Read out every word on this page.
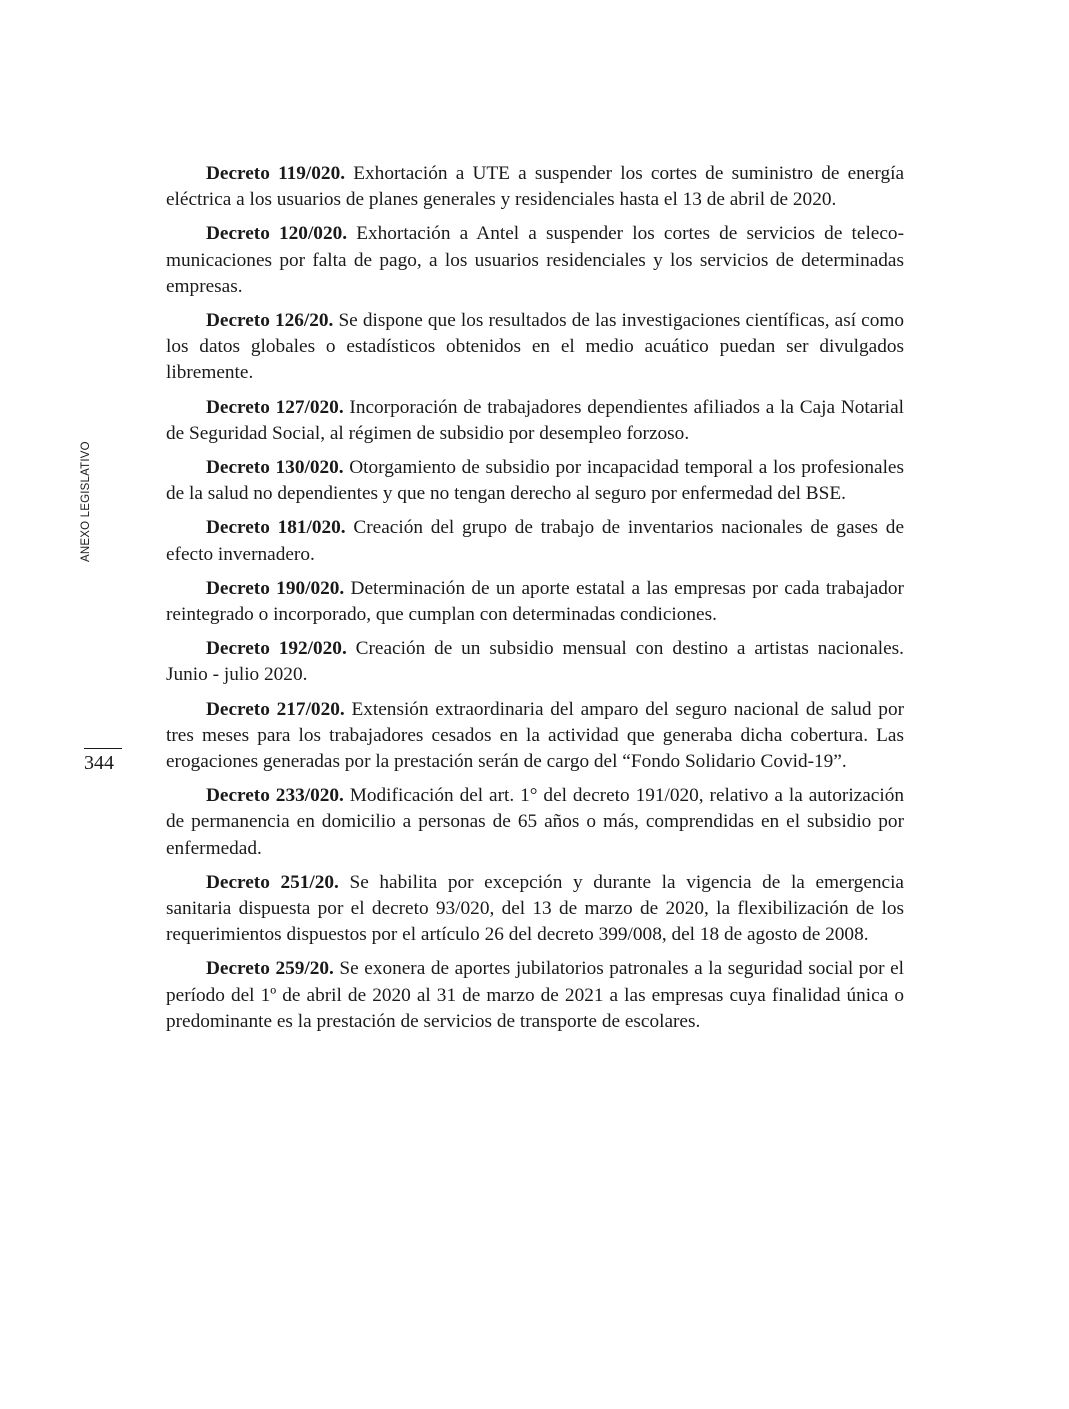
ANEXO LEGISLATIVO
344

Decreto 119/020. Exhortación a UTE a suspender los cortes de suministro de energía eléctrica a los usuarios de planes generales y residenciales hasta el 13 de abril de 2020.

Decreto 120/020. Exhortación a Antel a suspender los cortes de servicios de telecomunicaciones por falta de pago, a los usuarios residenciales y los servicios de determinadas empresas.

Decreto 126/20. Se dispone que los resultados de las investigaciones científicas, así como los datos globales o estadísticos obtenidos en el medio acuático puedan ser divulgados libremente.

Decreto 127/020. Incorporación de trabajadores dependientes afiliados a la Caja Notarial de Seguridad Social, al régimen de subsidio por desempleo forzoso.

Decreto 130/020. Otorgamiento de subsidio por incapacidad temporal a los profesionales de la salud no dependientes y que no tengan derecho al seguro por enfermedad del BSE.

Decreto 181/020. Creación del grupo de trabajo de inventarios nacionales de gases de efecto invernadero.

Decreto 190/020. Determinación de un aporte estatal a las empresas por cada trabajador reintegrado o incorporado, que cumplan con determinadas condiciones.

Decreto 192/020. Creación de un subsidio mensual con destino a artistas nacionales. Junio - julio 2020.

Decreto 217/020. Extensión extraordinaria del amparo del seguro nacional de salud por tres meses para los trabajadores cesados en la actividad que generaba dicha cobertura. Las erogaciones generadas por la prestación serán de cargo del “Fondo Solidario Covid-19”.

Decreto 233/020. Modificación del art. 1° del decreto 191/020, relativo a la autorización de permanencia en domicilio a personas de 65 años o más, comprendidas en el subsidio por enfermedad.

Decreto 251/20. Se habilita por excepción y durante la vigencia de la emergencia sanitaria dispuesta por el decreto 93/020, del 13 de marzo de 2020, la flexibilización de los requerimientos dispuestos por el artículo 26 del decreto 399/008, del 18 de agosto de 2008.

Decreto 259/20. Se exonera de aportes jubilatorios patronales a la seguridad social por el período del 1º de abril de 2020 al 31 de marzo de 2021 a las empresas cuya finalidad única o predominante es la prestación de servicios de transporte de escolares.
